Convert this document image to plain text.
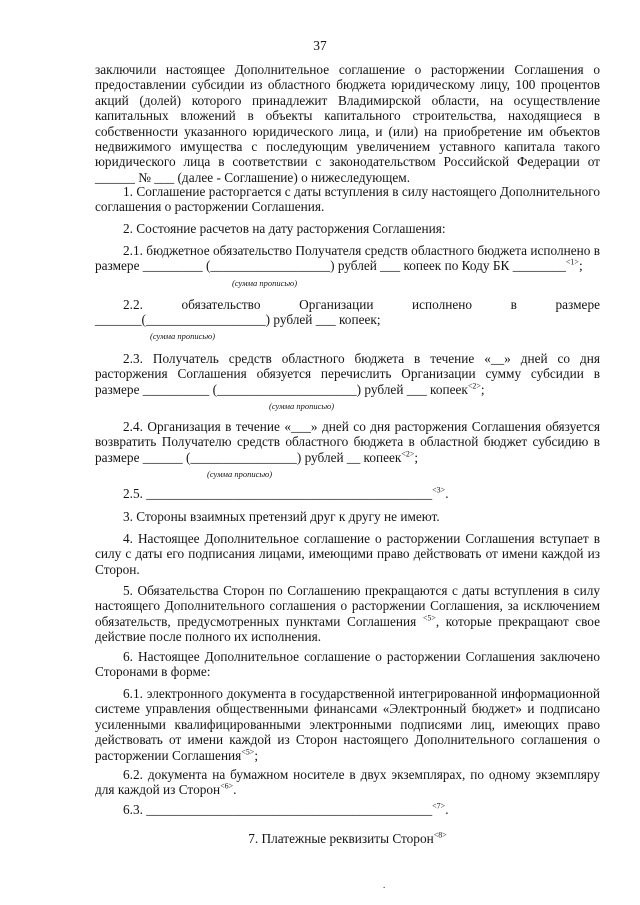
37

заключили настоящее Дополнительное соглашение о расторжении Соглашения о предоставлении субсидии из областного бюджета юридическому лицу, 100 процентов акций (долей) которого принадлежит Владимирской области, на осуществление капитальных вложений в объекты капитального строительства, находящиеся в собственности указанного юридического лица, и (или) на приобретение им объектов недвижимого имущества с последующим увеличением уставного капитала такого юридического лица в соответствии с законодательством Российской Федерации от ______ № ___ (далее - Соглашение) о нижеследующем.

1. Соглашение расторгается с даты вступления в силу настоящего Дополнительного соглашения о расторжении Соглашения.

2. Состояние расчетов на дату расторжения Соглашения:

2.1. бюджетное обязательство Получателя средств областного бюджета исполнено в размере _________ (__________________) рублей ___ копеек по Коду БК ________$^{<1>}$;

(сумма прописью)

2.2. обязательство Организации исполнено в размере _______(__________________) рублей ___ копеек;

(сумма прописью)

2.3. Получатель средств областного бюджета в течение «__» дней со дня расторжения Соглашения обязуется перечислить Организации сумму субсидии в размере __________ (_____________________) рублей ___ копеек$^{<2>}$;

(сумма прописью)

2.4. Организация в течение «___» дней со дня расторжения Соглашения обязуется возвратить Получателю средств областного бюджета в областной бюджет субсидию в размере ______ (________________) рублей __ копеек$^{<2>}$;

(сумма прописью)

2.5. ___________________________________________$^{<3>}$.

3. Стороны взаимных претензий друг к другу не имеют.

4. Настоящее Дополнительное соглашение о расторжении Соглашения вступает в силу с даты его подписания лицами, имеющими право действовать от имени каждой из Сторон.

5. Обязательства Сторон по Соглашению прекращаются с даты вступления в силу настоящего Дополнительного соглашения о расторжении Соглашения, за исключением обязательств, предусмотренных пунктами Соглашения $^{<5>}$, которые прекращают свое действие после полного их исполнения.

6. Настоящее Дополнительное соглашение о расторжении Соглашения заключено Сторонами в форме:

6.1. электронного документа в государственной интегрированной информационной системе управления общественными финансами «Электронный бюджет» и подписано усиленными квалифицированными электронными подписями лиц, имеющих право действовать от имени каждой из Сторон настоящего Дополнительного соглашения о расторжении Соглашения$^{<5>}$;

6.2. документа на бумажном носителе в двух экземплярах, по одному экземпляру для каждой из Сторон$^{<6>}$.

6.3. ___________________________________________$^{<7>}$.

7. Платежные реквизиты Сторон$^{<8>}$

.
